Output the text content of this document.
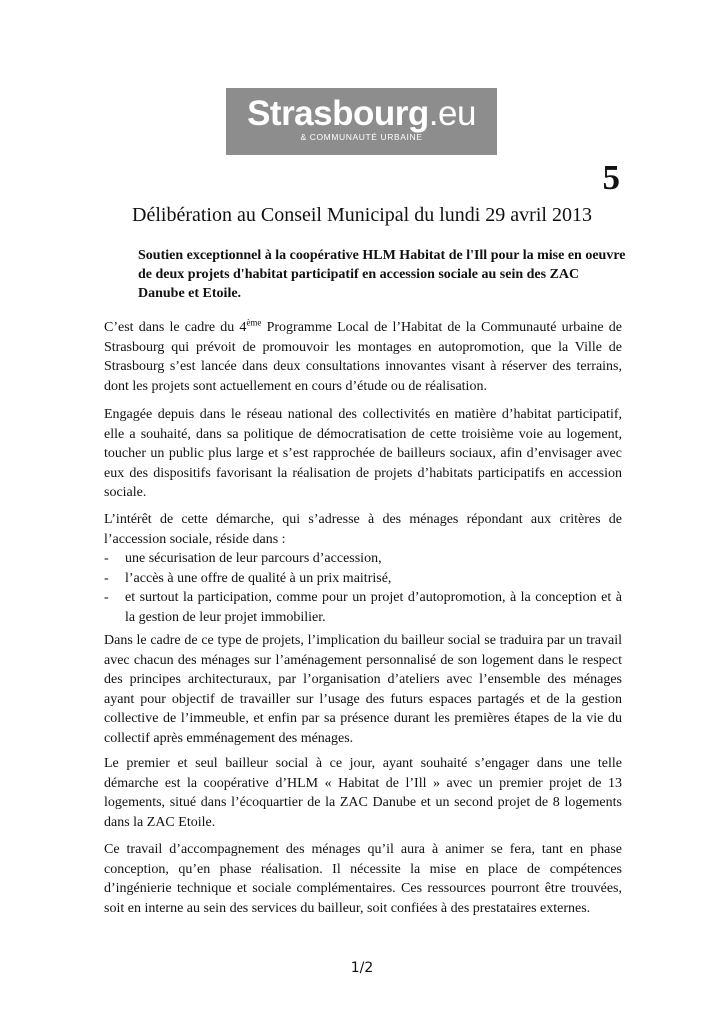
Strasbourg.eu
& COMMUNAUTÉ URBAINE
5
Délibération au Conseil Municipal du lundi 29 avril 2013
Soutien exceptionnel à la coopérative HLM Habitat de l'Ill pour la mise en oeuvre de deux projets d'habitat participatif en accession sociale au sein des ZAC Danube et Etoile.
C’est dans le cadre du 4ème Programme Local de l’Habitat de la Communauté urbaine de Strasbourg qui prévoit de promouvoir les montages en autopromotion, que la Ville de Strasbourg s’est lancée dans deux consultations innovantes visant à réserver des terrains, dont les projets sont actuellement en cours d’étude ou de réalisation.
Engagée depuis dans le réseau national des collectivités en matière d’habitat participatif, elle a souhaité, dans sa politique de démocratisation de cette troisième voie au logement, toucher un public plus large et s’est rapprochée de bailleurs sociaux, afin d’envisager avec eux des dispositifs favorisant la réalisation de projets d’habitats participatifs en accession sociale.
L’intérêt de cette démarche, qui s’adresse à des ménages répondant aux critères de l’accession sociale, réside dans :
- une sécurisation de leur parcours d’accession,
- l’accès à une offre de qualité à un prix maitrisé,
- et surtout la participation, comme pour un projet d’autopromotion, à la conception et à la gestion de leur projet immobilier.
Dans le cadre de ce type de projets, l’implication du bailleur social se traduira par un travail avec chacun des ménages sur l’aménagement personnalisé de son logement dans le respect des principes architecturaux, par l’organisation d’ateliers avec l’ensemble des ménages ayant pour objectif de travailler sur l’usage des futurs espaces partagés et de la gestion collective de l’immeuble, et enfin par sa présence durant les premières étapes de la vie du collectif après emménagement des ménages.
Le premier et seul bailleur social à ce jour, ayant souhaité s’engager dans une telle démarche est la coopérative d’HLM « Habitat de l’Ill » avec un premier projet de 13 logements, situé dans l’écoquartier de la ZAC Danube et un second projet de 8 logements dans la ZAC Etoile.
Ce travail d’accompagnement des ménages qu’il aura à animer se fera, tant en phase conception, qu’en phase réalisation. Il nécessite la mise en place de compétences d’ingénierie technique et sociale complémentaires. Ces ressources pourront être trouvées, soit en interne au sein des services du bailleur, soit confiées à des prestataires externes.
1/2
